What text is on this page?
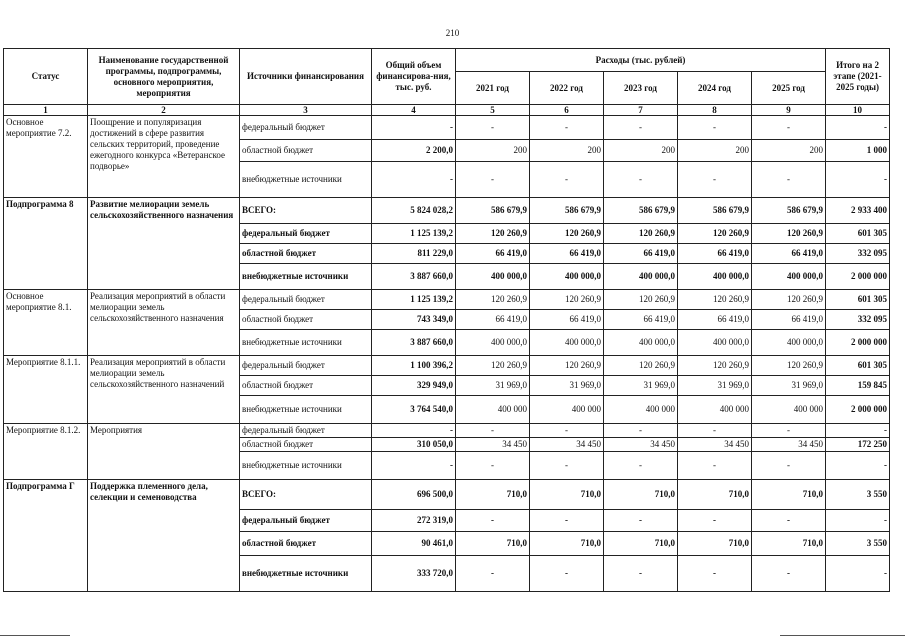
210
Статус	Наименование государственной программы, подпрограммы, основного мероприятия, мероприятия	Источники финансирования	Общий объем финансирова-ния, тыс. руб.	Расходы (тыс. рублей)					Итого на 2 этапе (2021-2025 годы)
				2021 год	2022 год	2023 год	2024 год	2025 год	
1	2	3	4	5	6	7	8	9	10
Основное мероприятие 7.2.	Поощрение и популяризация достижений в сфере развития сельских территорий, проведение ежегодного конкурса «Ветеранское подворье»	федеральный бюджет	-	-	-	-	-	-	-
		областной бюджет	2 200,0	200	200	200	200	200	1 000
		внебюджетные источники	-	-	-	-	-	-	-
Подпрограмма 8	Развитие мелиорации земель сельскохозяйственного назначения	ВСЕГО:	5 824 028,2	586 679,9	586 679,9	586 679,9	586 679,9	586 679,9	2 933 400
		федеральный бюджет	1 125 139,2	120 260,9	120 260,9	120 260,9	120 260,9	120 260,9	601 305
		областной бюджет	811 229,0	66 419,0	66 419,0	66 419,0	66 419,0	66 419,0	332 095
		внебюджетные источники	3 887 660,0	400 000,0	400 000,0	400 000,0	400 000,0	400 000,0	2 000 000
Основное мероприятие 8.1.	Реализация мероприятий в области мелиорации земель сельскохозяйственного назначения	федеральный бюджет	1 125 139,2	120 260,9	120 260,9	120 260,9	120 260,9	120 260,9	601 305
		областной бюджет	743 349,0	66 419,0	66 419,0	66 419,0	66 419,0	66 419,0	332 095
		внебюджетные источники	3 887 660,0	400 000,0	400 000,0	400 000,0	400 000,0	400 000,0	2 000 000
Мероприятие 8.1.1.	Реализация мероприятий в области мелиорации земель сельскохозяйственного назначений	федеральный бюджет	1 100 396,2	120 260,9	120 260,9	120 260,9	120 260,9	120 260,9	601 305
		областной бюджет	329 949,0	31 969,0	31 969,0	31 969,0	31 969,0	31 969,0	159 845
		внебюджетные источники	3 764 540,0	400 000	400 000	400 000	400 000	400 000	2 000 000
Мероприятие 8.1.2.	Мероприятия	федеральный бюджет	-	-	-	-	-	-	-
		областной бюджет	310 050,0	34 450	34 450	34 450	34 450	34 450	172 250
		внебюджетные источники	-	-	-	-	-	-	-
Подпрограмма Г	Поддержка племенного дела, селекции и семеноводства	ВСЕГО:	696 500,0	710,0	710,0	710,0	710,0	710,0	3 550
		федеральный бюджет	272 319,0	-	-	-	-	-	-
		областной бюджет	90 461,0	710,0	710,0	710,0	710,0	710,0	3 550
		внебюджетные источники	333 720,0	-	-	-	-	-	-
